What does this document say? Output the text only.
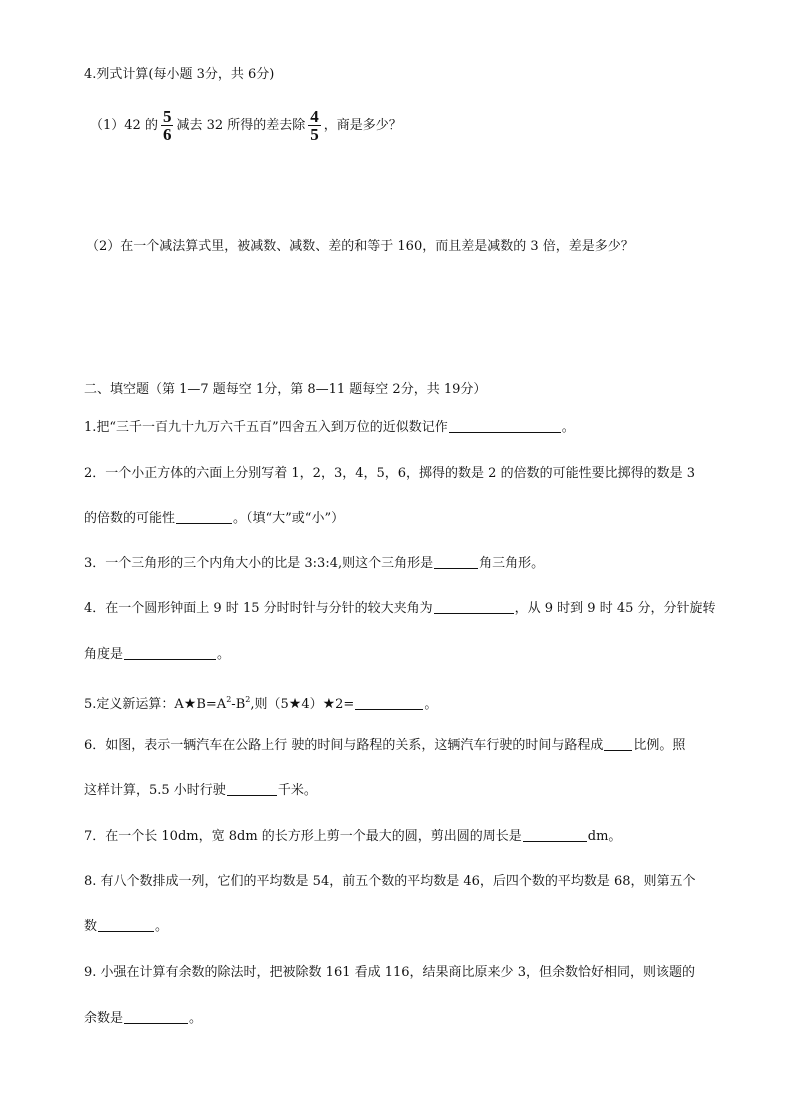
4.列式计算(每小题 3分，共 6分)
（1）42 的 $\frac{5}{6}$ 减去 32 所得的差去除 $\frac{4}{5}$ ，商是多少？
（2）在一个减法算式里，被减数、减数、差的和等于 160，而且差是减数的 3 倍，差是多少？
二、填空题（第 1—7 题每空 1分，第 8—11 题每空 2分，共 19分）
1.把“三千一百九十九万六千五百”四舍五入到万位的近似数记作	。
2．一个小正方体的六面上分别写着 1，2，3，4，5，6，掷得的数是 2 的倍数的可能性要比掷得的数是 3
的倍数的可能性	。（填“大”或“小”）
3．一个三角形的三个内角大小的比是 3:3:4,则这个三角形是	角三角形。
4．在一个圆形钟面上 9 时 15 分时时针与分针的较大夹角为	，从 9 时到 9 时 45 分，分针旋转
角度是	。
5.定义新运算：$A★B=A^2-B^2$,则（5★4）★2=	。
6．如图，表示一辆汽车在公路上行 驶的时间与路程的关系，这辆汽车行驶的时间与路程成 比例。照
这样计算，5.5 小时行驶	千米。
7．在一个长 10dm，宽 8dm 的长方形上剪一个最大的圆，剪出圆的周长是	dm。
8. 有八个数排成一列，它们的平均数是 54，前五个数的平均数是 46，后四个数的平均数是 68，则第五个
数	。
9. 小强在计算有余数的除法时，把被除数 161 看成 116，结果商比原来少 3，但余数恰好相同，则该题的
余数是	。
